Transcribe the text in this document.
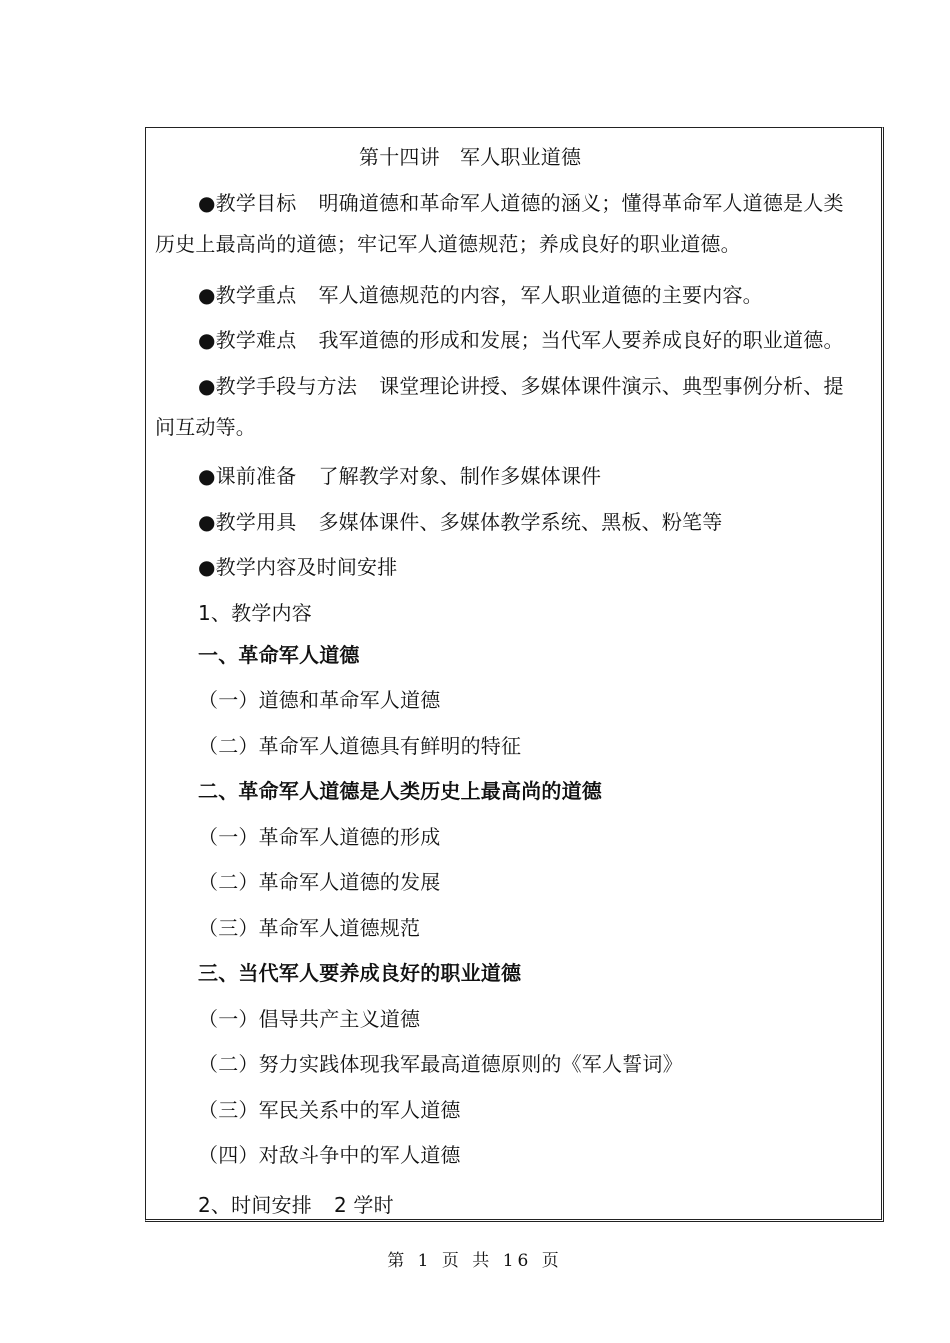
第十四讲　军人职业道德
●教学目标 明确道德和革命军人道德的涵义；懂得革命军人道德是人类
历史上最高尚的道德；牢记军人道德规范；养成良好的职业道德。
●教学重点 军人道德规范的内容，军人职业道德的主要内容。
●教学难点 我军道德的形成和发展；当代军人要养成良好的职业道德。
●教学手段与方法 课堂理论讲授、多媒体课件演示、典型事例分析、提
问互动等。
●课前准备 了解教学对象、制作多媒体课件
●教学用具 多媒体课件、多媒体教学系统、黑板、粉笔等
●教学内容及时间安排
1、教学内容
一、革命军人道德
（一）道德和革命军人道德
（二）革命军人道德具有鲜明的特征
二、革命军人道德是人类历史上最高尚的道德
（一）革命军人道德的形成
（二）革命军人道德的发展
（三）革命军人道德规范
三、当代军人要养成良好的职业道德
（一）倡导共产主义道德
（二）努力实践体现我军最高道德原则的《军人誓词》
（三）军民关系中的军人道德
（四）对敌斗争中的军人道德
2、时间安排 2 学时
第 1 页 共 16 页
